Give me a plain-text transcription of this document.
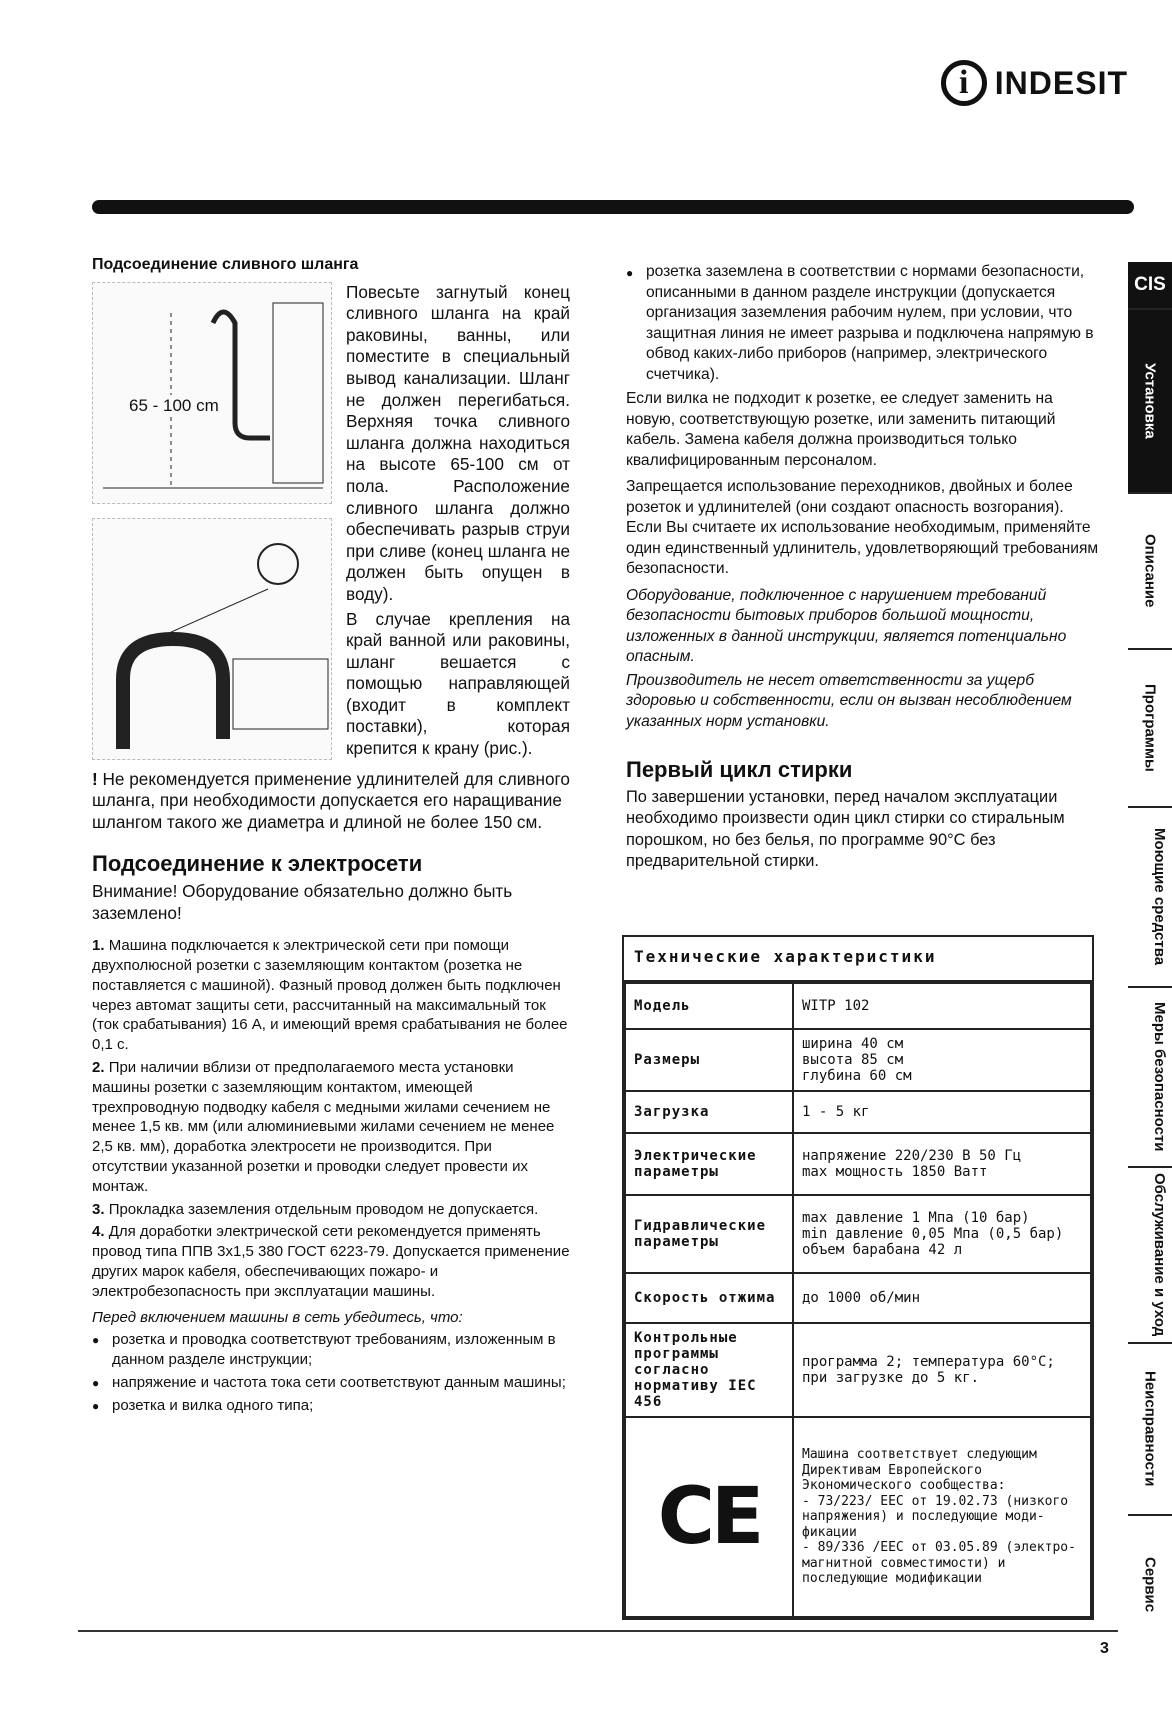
i INDESIT
Подсоединение сливного шланга
65 - 100 cm

Повесьте загнутый конец сливного шланга на край раковины, ванны, или поместите в специальный вывод канализации. Шланг не должен перегибаться. Верхняя точка сливного шланга должна находиться на высоте 65-100 см от пола. Расположение сливного шланга должно обеспечивать разрыв струи при сливе (конец шланга не должен быть опущен в воду).

В случае крепления на край ванной или раковины, шланг вешается с помощью направляющей (входит в комплект поставки), которая крепится к крану (рис.).

! Не рекомендуется применение удлинителей для сливного шланга, при необходимости допускается его наращивание шлангом такого же диаметра и длиной не более 150 см.

Подсоединение к электросети

Внимание! Оборудование обязательно должно быть заземлено!

1. Машина подключается к электрической сети при помощи двухполюсной розетки с заземляющим контактом (розетка не поставляется с машиной). Фазный провод должен быть подключен через автомат защиты сети, рассчитанный на максимальный ток (ток срабатывания) 16 А, и имеющий время срабатывания не более 0,1 с.

2. При наличии вблизи от предполагаемого места установки машины розетки с заземляющим контактом, имеющей трехпроводную подводку кабеля с медными жилами сечением не менее 1,5 кв. мм (или алюминиевыми жилами сечением не менее 2,5 кв. мм), доработка электросети не производится. При отсутствии указанной розетки и проводки следует провести их монтаж.

3. Прокладка заземления отдельным проводом не допускается.

4. Для доработки электрической сети рекомендуется применять провод типа ППВ 3х1,5 380 ГОСТ 6223-79. Допускается применение других марок кабеля, обеспечивающих пожаро- и электробезопасность при эксплуатации машины.

Перед включением машины в сеть убедитесь, что:

● розетка и проводка соответствуют требованиям, изложенным в данном разделе инструкции;

● напряжение и частота тока сети соответствуют данным машины;

● розетка и вилка одного типа;

● розетка заземлена в соответствии с нормами безопасности, описанными в данном разделе инструкции (допускается организация заземления рабочим нулем, при условии, что защитная линия не имеет разрыва и подключена напрямую в обвод каких-либо приборов (например, электрического счетчика).

Если вилка не подходит к розетке, ее следует заменить на новую, соответствующую розетке, или заменить питающий кабель. Замена кабеля должна производиться только квалифицированным персоналом.

Запрещается использование переходников, двойных и более розеток и удлинителей (они создают опасность возгорания). Если Вы считаете их использование необходимым, применяйте один единственный удлинитель, удовлетворяющий требованиям безопасности.

Оборудование, подключенное с нарушением требований безопасности бытовых приборов большой мощности, изложенных в данной инструкции, является потенциально опасным.

Производитель не несет ответственности за ущерб здоровью и собственности, если он вызван несоблюдением указанных норм установки.

Первый цикл стирки

По завершении установки, перед началом эксплуатации необходимо произвести один цикл стирки со стиральным порошком, но без белья, по программе 90°С без предварительной стирки.

Технические характеристики
Модель	WITP 102
Размеры	ширина 40 см
высота 85 см
глубина 60 см
Загрузка	1 - 5 кг
Электрические параметры	напряжение 220/230 В 50 Гц
max мощность 1850 Ватт
Гидравлические параметры	max давление 1 Мпа (10 бар)
min давление 0,05 Мпа (0,5 бар)
объем барабана 42 л
Скорость отжима	до 1000 об/мин
Контрольные программы согласно нормативу IEC 456	программа 2; температура 60°С;
при загрузке до 5 кг.
CE	Машина соответствует следующим Директивам Европейского Экономического сообщества:
- 73/223/ ЕЕС от 19.02.73 (низкого напряжения) и последующие моди-фикации
- 89/336 /ЕЕС от 03.05.89 (электро-магнитной совместимости) и последующие модификации
CIS
Установка
Описание
Программы
Моющие средства
Меры безопасности
Обслуживание и уход
Неисправности
Сервис
3
